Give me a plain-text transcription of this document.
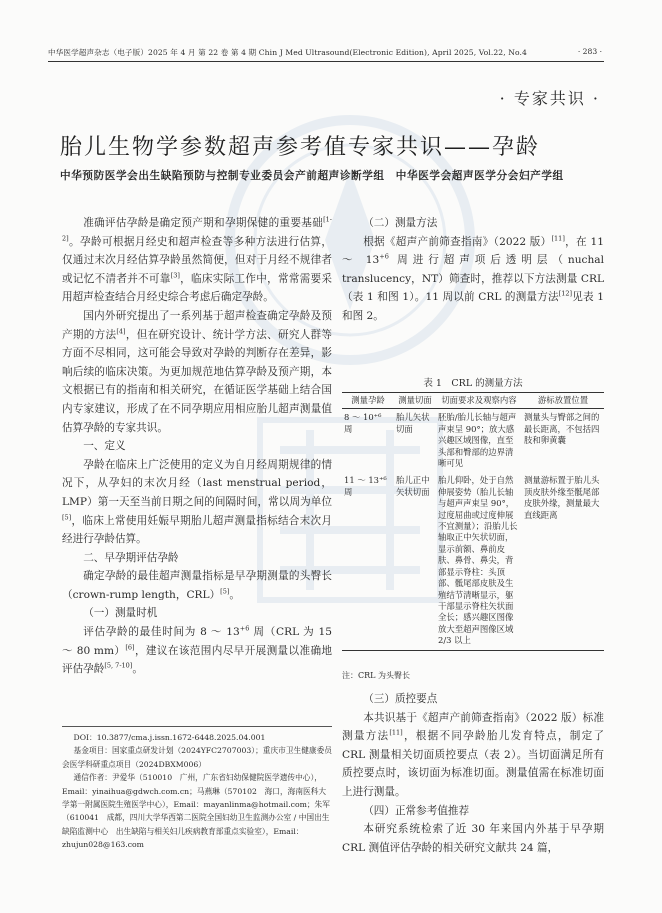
中华医学超声杂志（电子版）2025 年 4 月 第 22 卷 第 4 期 Chin J Med Ultrasound(Electronic Edition), April 2025, Vol.22, No.4	· 283 ·
· 专家共识 ·
胎儿生物学参数超声参考值专家共识——孕龄
中华预防医学会出生缺陷预防与控制专业委员会产前超声诊断学组　中华医学会超声医学分会妇产学组

准确评估孕龄是确定预产期和孕期保健的重要基础[1-2]。孕龄可根据月经史和超声检查等多种方法进行估算，仅通过末次月经估算孕龄虽然简便，但对于月经不规律者或记忆不清者并不可靠[3]，临床实际工作中，常常需要采用超声检查结合月经史综合考虑后确定孕龄。

国内外研究提出了一系列基于超声检查确定孕龄及预产期的方法[4]，但在研究设计、统计学方法、研究人群等方面不尽相同，这可能会导致对孕龄的判断存在差异，影响后续的临床决策。为更加规范地估算孕龄及预产期，本文根据已有的指南和相关研究，在循证医学基础上结合国内专家建议，形成了在不同孕期应用相应胎儿超声测量值估算孕龄的专家共识。

一、定义

孕龄在临床上广泛使用的定义为自月经周期规律的情况下，从孕妇的末次月经（last menstrual period，LMP）第一天至当前日期之间的间隔时间，常以周为单位[5]，临床上常使用妊娠早期胎儿超声测量指标结合末次月经进行孕龄估算。

二、早孕期评估孕龄

确定孕龄的最佳超声测量指标是早孕期测量的头臀长（crown-rump length，CRL）[5]。

（一）测量时机

评估孕龄的最佳时间为 8 ～ $13^{+6}$ 周（CRL 为 15 ～ 80 mm）[6]，建议在该范围内尽早开展测量以准确地评估孕龄[5, 7-10]。

DOI：10.3877/cma.j.issn.1672-6448.2025.04.001

基金项目：国家重点研发计划（2024YFC2707003）；重庆市卫生健康委员会医学科研重点项目（2024DBXM006）

通信作者：尹爱华（510010　广州，广东省妇幼保健院医学遗传中心），Email：yinaihua@gdwch.com.cn；马燕琳（570102　海口，海南医科大学第一附属医院生殖医学中心），Email：mayanlinma@hotmail.com；朱军（610041　成都，四川大学华西第二医院全国妇幼卫生监测办公室 / 中国出生缺陷监测中心　出生缺陷与相关妇儿疾病教育部重点实验室），Email：zhujun028@163.com

（二）测量方法

根据《超声产前筛查指南》（2022 版）[11]，在 11 ～ $13^{+6}$ 周进行超声项后透明层（nuchal translucency，NT）筛查时，推荐以下方法测量 CRL（表 1 和图 1）。11 周以前 CRL 的测量方法[12]见表 1 和图 2。

表 1　CRL 的测量方法
测量孕龄	测量切面	切面要求及观察内容	游标放置位置
8 ～ 10⁺⁶ 周	胎儿矢状切面	胚胎/胎儿长轴与超声声束呈 90°；放大感兴趣区域图像，直至头部和臀部的边界清晰可见	测量头与臀部之间的最长距离，不包括四肢和卵黄囊
11 ～ 13⁺⁶ 周	胎儿正中矢状切面	胎儿仰卧，处于自然伸展姿势（胎儿长轴与超声声束呈 90°，过度屈曲或过度伸展不宜测量）；沿胎儿长轴取正中矢状切面，显示前额、鼻前皮肤、鼻骨、鼻尖，背部显示脊柱：头顶部、骶尾部皮肤及生殖结节清晰显示，躯干部显示脊柱矢状面全长；感兴趣区图像放大至超声图像区域 2/3 以上	测量游标置于胎儿头顶皮肤外缘至骶尾部皮肤外缘，测量最大直线距离
注：CRL 为头臀长

（三）质控要点

本共识基于《超声产前筛查指南》（2022 版）标准测量方法[11]，根据不同孕龄胎儿发育特点，制定了 CRL 测量相关切面质控要点（表 2）。当切面满足所有质控要点时，该切面为标准切面。测量值需在标准切面上进行测量。

（四）正常参考值推荐

本研究系统检索了近 30 年来国内外基于早孕期 CRL 测值评估孕龄的相关研究文献共 24 篇，
